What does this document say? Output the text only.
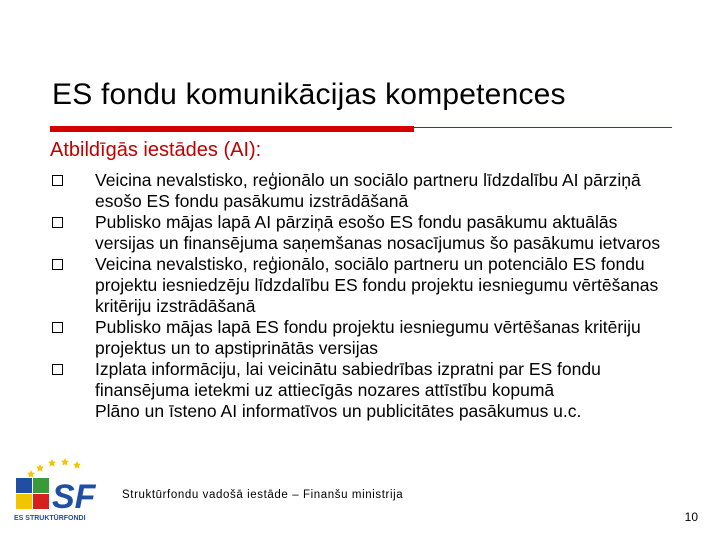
ES fondu komunikācijas kompetences
Atbildīgās iestādes (AI):
Veicina nevalstisko, reģionālo un sociālo partneru līdzdalību AI pārziņā esošo ES fondu pasākumu izstrādāšanā
Publisko mājas lapā AI pārziņā esošo ES fondu pasākumu aktuālās versijas un finansējuma saņemšanas nosacījumus šo pasākumu ietvaros
Veicina nevalstisko, reģionālo, sociālo partneru un potenciālo ES fondu projektu iesniedzēju līdzdalību ES fondu projektu iesniegumu vērtēšanas kritēriju izstrādāšanā
Publisko mājas lapā ES fondu projektu iesniegumu vērtēšanas kritēriju projektus un to apstiprinātās versijas
Izplata informāciju, lai veicinātu sabiedrības izpratni par ES fondu finansējuma ietekmi uz attiecīgās nozares attīstību kopumā
Plāno un īsteno AI informatīvos un publicitātes pasākumus u.c.
SF
ES STRUKTŪRFONDI
Struktūrfondu vadošā iestāde – Finanšu ministrija
10
